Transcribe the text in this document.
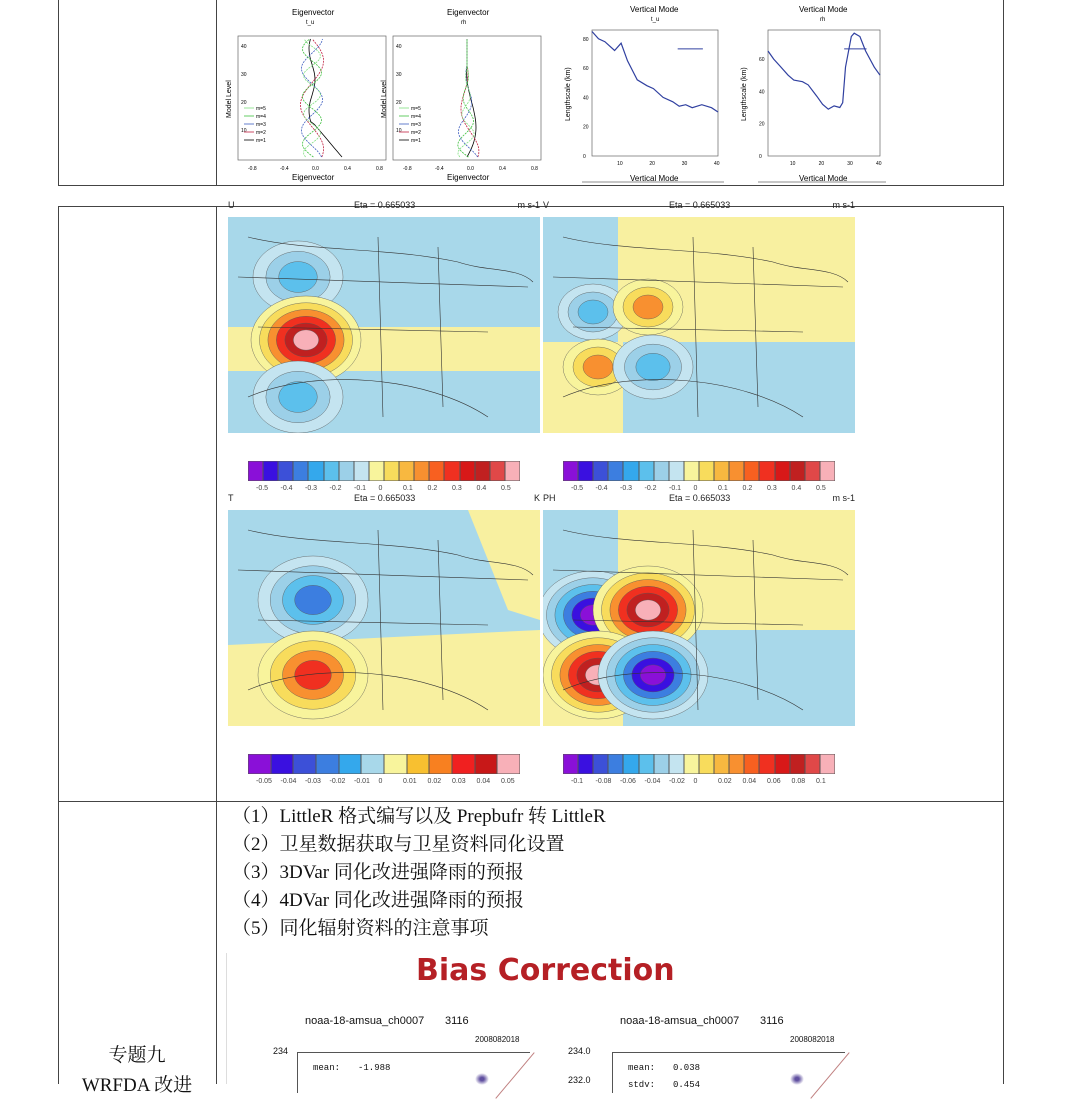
Eigenvector
t_u
Model Level
Eigenvector
-0.8	-0.4	0.0	0.4	0.8
10
20
30
40
m=5
m=4
m=3
m=2
m=1
Eigenvector
rh
Model Level
Eigenvector
-0.8	-0.4	0.0	0.4	0.8
10
20
30
40
m=5
m=4
m=3
m=2
m=1
Vertical Mode
t_u
Lengthscale (km)
Vertical Mode
10	20	30	40
0
20
40
60
80
Vertical Mode
rh
Lengthscale (km)
Vertical Mode
10	20	30	40
0
20
40
60
U	Eta = 0.665033	m s-1 V	Eta = 0.665033	m s-1
T	Eta = 0.665033	K PH	Eta = 0.665033	m s-1
-0.5 -0.4 -0.3 -0.2 -0.1 0	0.1 0.2 0.3 0.4 0.5	-0.5 -0.4 -0.3 -0.2 -0.1 0	0.1 0.2 0.3 0.4 0.5
-0.05 -0.04 -0.03 -0.02 -0.01 0	0.01 0.02 0.03 0.04 0.05	-0.1 -0.08 -0.06 -0.04 -0.02 0	0.02 0.04 0.06 0.08 0.1
（1）LittleR 格式编写以及 Prepbufr 转 LittleR
（2）卫星数据获取与卫星资料同化设置
（3）3DVar 同化改进强降雨的预报
（4）4DVar 同化改进强降雨的预报
（5）同化辐射资料的注意事项
专题九
WRFDA 改进
Bias Correction
noaa-18-amsua_ch0007 3116
2008082018
234
mean: -1.988
noaa-18-amsua_ch0007 3116
2008082018
234.0
232.0
mean: 0.038
stdv: 0.454
